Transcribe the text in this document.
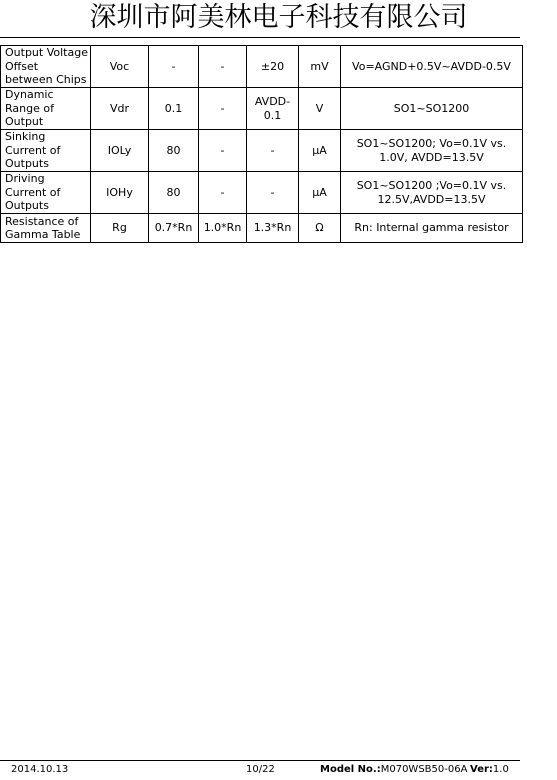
深圳市阿美林电子科技有限公司
Output Voltage Offset between Chips	Voc	-	-	±20	mV	Vo=AGND+0.5V~AVDD-0.5V
Dynamic Range of Output	Vdr	0.1	-	AVDD-0.1	V	SO1~SO1200
Sinking Current of Outputs	IOLy	80	-	-	μA	SO1~SO1200; Vo=0.1V vs. 1.0V, AVDD=13.5V
Driving Current of Outputs	IOHy	80	-	-	μA	SO1~SO1200 ;Vo=0.1V vs. 12.5V,AVDD=13.5V
Resistance of Gamma Table	Rg	0.7*Rn	1.0*Rn	1.3*Rn	Ω	Rn: Internal gamma resistor
2014.10.13	10/22	Model No.:M070WSB50-06A Ver:1.0
